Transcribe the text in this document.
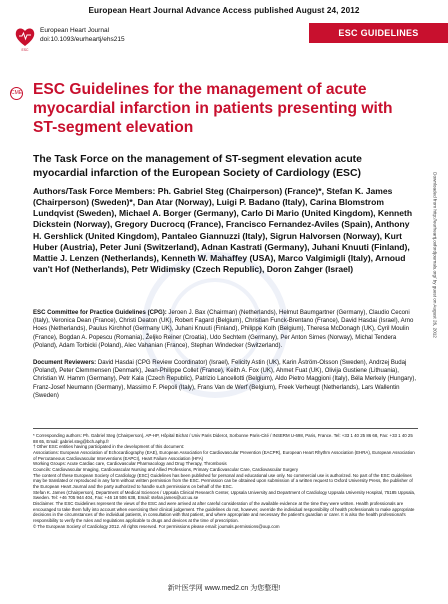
European Heart Journal Advance Access published August 24, 2012
ESC
European Heart Journal
doi:10.1093/eurheartj/ehs215
ESC GUIDELINES
CME ESC Guidelines for the management of acute myocardial infarction in patients presenting with ST-segment elevation
The Task Force on the management of ST-segment elevation acute myocardial infarction of the European Society of Cardiology (ESC)

Authors/Task Force Members: Ph. Gabriel Steg (Chairperson) (France)*, Stefan K. James (Chairperson) (Sweden)*, Dan Atar (Norway), Luigi P. Badano (Italy), Carina Blomstrom Lundqvist (Sweden), Michael A. Borger (Germany), Carlo Di Mario (United Kingdom), Kenneth Dickstein (Norway), Gregory Ducrocq (France), Francisco Fernandez-Aviles (Spain), Anthony H. Gershlick (United Kingdom), Pantaleo Giannuzzi (Italy), Sigrun Halvorsen (Norway), Kurt Huber (Austria), Peter Juni (Switzerland), Adnan Kastrati (Germany), Juhani Knuuti (Finland), Mattie J. Lenzen (Netherlands), Kenneth W. Mahaffey (USA), Marco Valgimigli (Italy), Arnoud van't Hof (Netherlands), Petr Widimsky (Czech Republic), Doron Zahger (Israel)

ESC Committee for Practice Guidelines (CPG): Jeroen J. Bax (Chairman) (Netherlands), Helmut Baumgartner (Germany), Claudio Ceconi (Italy), Veronica Dean (France), Christi Deaton (UK), Robert Fagard (Belgium), Christian Funck-Brentano (France), David Hasdai (Israel), Arno Hoes (Netherlands), Paulus Kirchhof (Germany UK), Juhani Knuuti (Finland), Philippe Kolh (Belgium), Theresa McDonagh (UK), Cyril Moulin (France), Bogdan A. Popescu (Romania), Željko Reiner (Croatia), Udo Sechtem (Germany), Per Anton Sirnes (Norway), Michal Tendera (Poland), Adam Torbicki (Poland), Alec Vahanian (France), Stephan Windecker (Switzerland).

Document Reviewers: David Hasdai (CPG Review Coordinator) (Israel), Felicity Astin (UK), Karin Åström-Olsson (Sweden), Andrzej Budaj (Poland), Peter Clemmensen (Denmark), Jean-Philippe Collet (France), Keith A. Fox (UK), Ahmet Fuat (UK), Olivija Gustiene (Lithuania), Christian W. Hamm (Germany), Petr Kala (Czech Republic), Patrizio Lancellotti (Belgium), Aldo Pietro Maggioni (Italy), Béla Merkely (Hungary), Franz-Josef Neumann (Germany), Massimo F. Piepoli (Italy), Frans Van de Werf (Belgium), Freek Verheugt (Netherlands), Lars Wallentin (Sweden)

* Corresponding authors: Ph. Gabriel Steg (Chairperson), AP-HP, Hôpital Bichat / Univ Paris Diderot, Sorbonne Paris-Cité / INSERM U-698, Paris, France. Tel: +33 1 40 25 86 68, Fax: +33 1 40 25 88 65, Email: gabriel.steg@bch.aphp.fr

† Other ESC entities having participated in the development of this document:

Associations: European Association of Echocardiography (EAE), European Association for Cardiovascular Prevention (EACPR), European Heart Rhythm Association (EHRA), European Association of Percutaneous Cardiovascular Interventions (EAPCI), Heart Failure Association (HFA)

Working Groups: Acute Cardiac care, Cardiovascular Pharmacology and Drug Therapy, Thrombosis

Councils: Cardiovascular Imaging, Cardiovascular Nursing and Allied Professions, Primary Cardiovascular Care, Cardiovascular Surgery

The content of these European Society of Cardiology (ESC) Guidelines has been published for personal and educational use only. No commercial use is authorized. No part of the ESC Guidelines may be translated or reproduced in any form without written permission from the ESC. Permission can be obtained upon submission of a written request to Oxford University Press, the publisher of the European Heart Journal and the party authorized to handle such permissions on behalf of the ESC.

Stefan K. James (Chairperson), Department of Medical Sciences / Uppsala Clinical Research Center, Uppsala University and Department of Cardiology Uppsala University Hospital, 75185 Uppsala, Sweden. Tel: +46 705 944 404, Fax: +46 18 506 638, Email: stefan.james@ucr.uu.se

Disclaimer. The ESC Guidelines represent the views of the ESC and were arrived at after careful consideration of the available evidence at the time they were written. Health professionals are encouraged to take them fully into account when exercising their clinical judgement. The guidelines do not, however, override the individual responsibility of health professionals to make appropriate decisions in the circumstances of the individual patients, in consultation with that patient, and where appropriate and necessary the patient's guardian or carer. It is also the health professional's responsibility to verify the rules and regulations applicable to drugs and devices at the time of prescription.

© The European Society of Cardiology 2012. All rights reserved. For permissions please email: journals.permissions@oup.com

Downloaded from http://eurheartj.oxfordjournals.org/ by guest on August 26, 2012
新叶医学网 www.med2.cn 为您整理!
